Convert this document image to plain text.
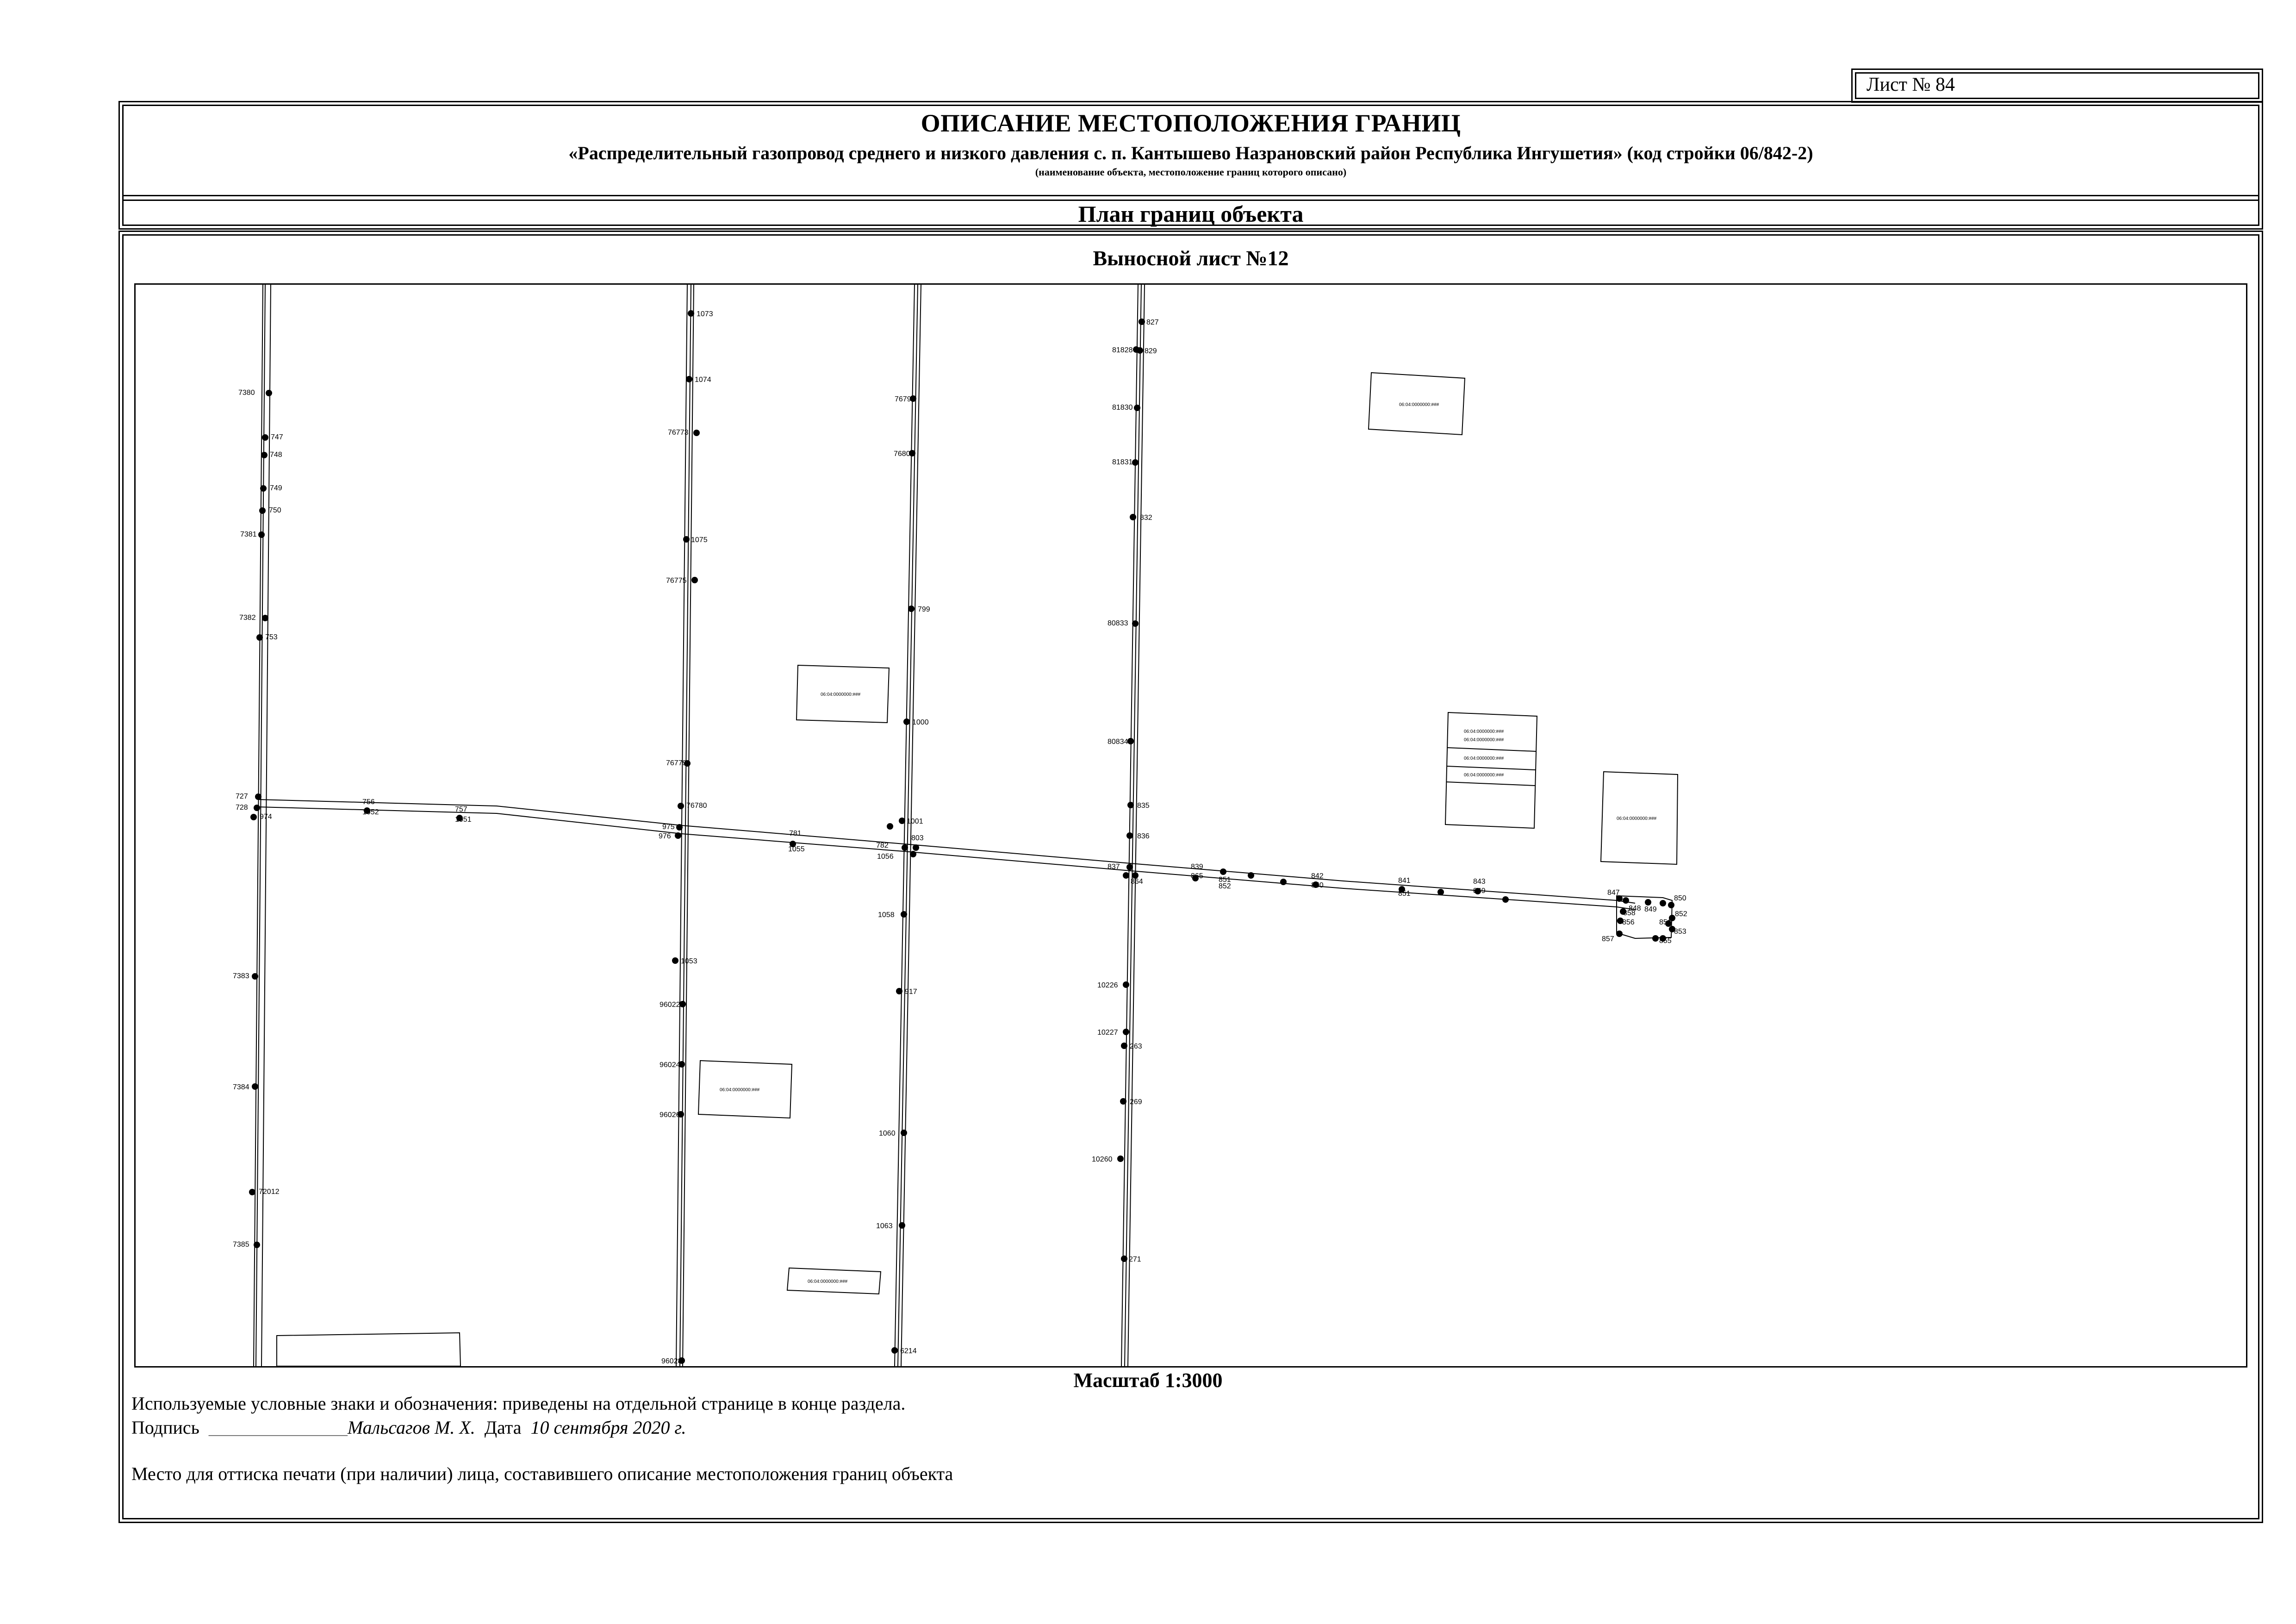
Лист № 84
ОПИСАНИЕ МЕСТОПОЛОЖЕНИЯ ГРАНИЦ
«Распределительный газопровод среднего и низкого давления с. п. Кантышево Назрановский район Республика Ингушетия» (код стройки 06/842-2)
(наименование объекта, местоположение границ которого описано)
План границ объекта
Выносной лист №12
1073
1074
76773
1075
76775
76779
76780
975
976	781
1055
1053
96022
96024
96026
96028
7380
747
748
749
750
7381
7382
753
727
728
974
7383
7384
72012
7385
756
1052	757
1051
76799
76800
799
1000
1001
803
782
1056
1058
917
1060
1063
6214
827
81828 829
81830
81831
832
80833
80834
835
836
837
864
839
865 851
852
842
850
841
851
843
849	847
848 849
850
852
851
853
855
857
856
858
10226
10227
263
269
10260
271
06:04:0000000:###
06:04:0000000:###
06:04:0000000:###
06:04:0000000:###
06:04:0000000:###
06:04:0000000:###
06:04:0000000:###
06:04:0000000:###
06:04:0000000:###
Масштаб 1:3000
Используемые условные знаки и обозначения: приведены на отдельной странице в конце раздела.
Подпись _______________Мальсагов М. Х. Дата 10 сентября 2020 г.
Место для оттиска печати (при наличии) лица, составившего описание местоположения границ объекта
